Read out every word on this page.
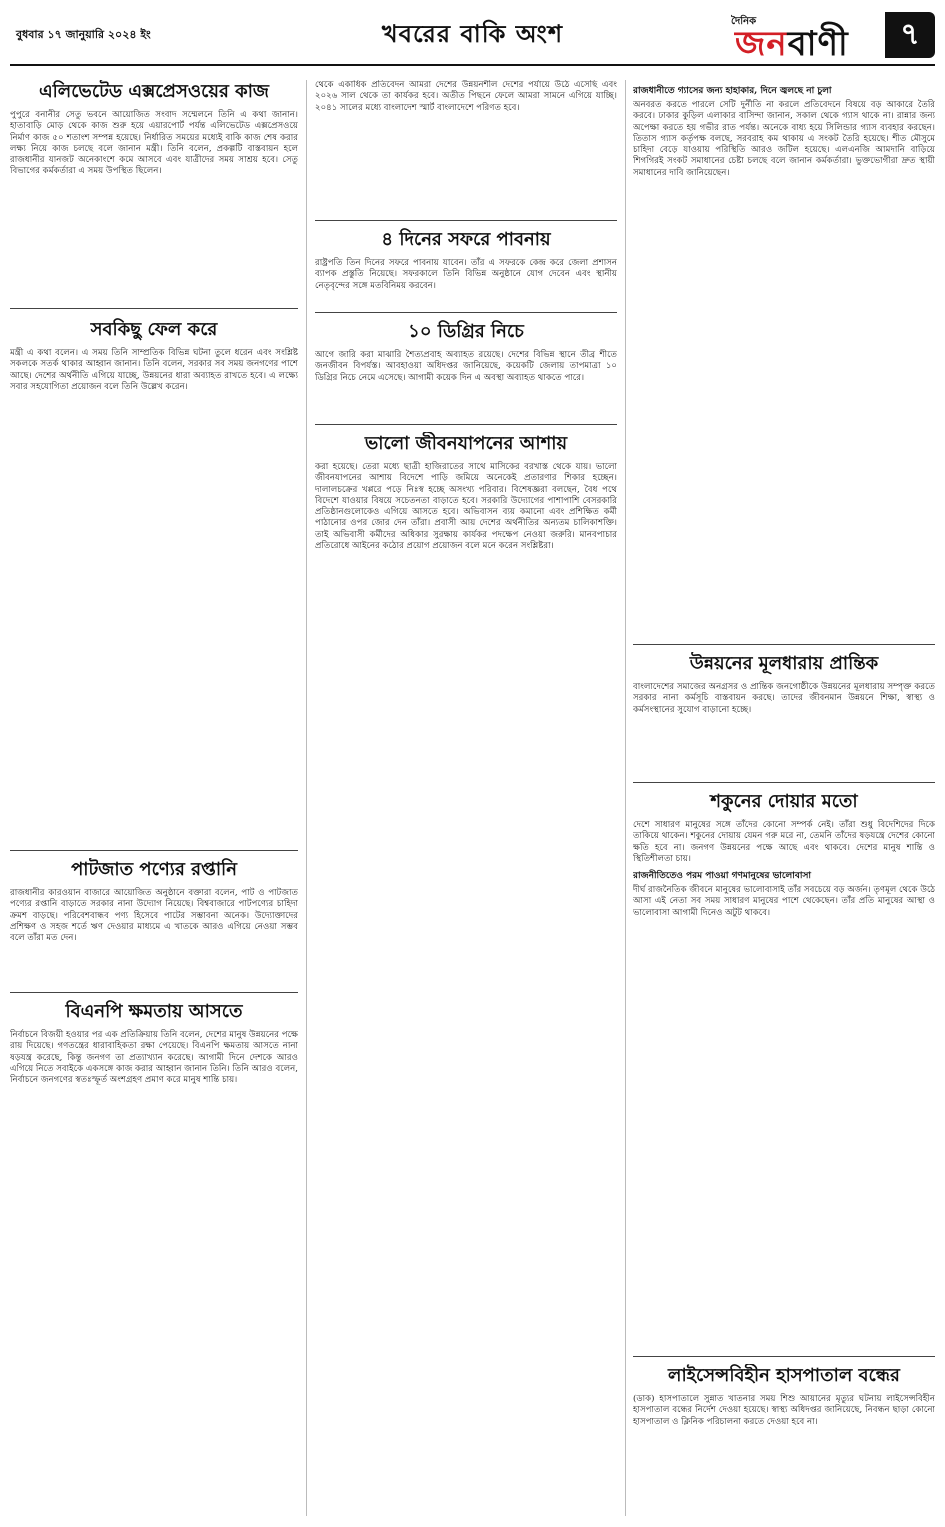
বুধবার ১৭ জানুয়ারি ২০২৪ ইং	খবরের বাকি অংশ	দৈনিক
জনবাণী	৭
এলিভেটেড এক্সপ্রেসওয়ের কাজ

পুপুরে বনানীর সেতু ভবনে আয়োজিত সংবাদ সম্মেলনে তিনি এ কথা জানান। হাতাবাড়ি মোড় থেকে কাজ শুরু হয়ে এয়ারপোর্ট পর্যন্ত এলিভেটেড এক্সপ্রেসওয়ে নির্মাণ কাজ ৫০ শতাংশ সম্পন্ন হয়েছে। নির্ধারিত সময়ের মধ্যেই বাকি কাজ শেষ করার লক্ষ্য নিয়ে কাজ চলছে বলে জানান মন্ত্রী। তিনি বলেন, প্রকল্পটি বাস্তবায়ন হলে রাজধানীর যানজট অনেকাংশে কমে আসবে এবং যাত্রীদের সময় সাশ্রয় হবে। সেতু বিভাগের কর্মকর্তারা এ সময় উপস্থিত ছিলেন।

সবকিছু ফেল করে

মন্ত্রী এ কথা বলেন। এ সময় তিনি সাম্প্রতিক বিভিন্ন ঘটনা তুলে ধরেন এবং সংশ্লিষ্ট সকলকে সতর্ক থাকার আহ্বান জানান। তিনি বলেন, সরকার সব সময় জনগণের পাশে আছে। দেশের অর্থনীতি এগিয়ে যাচ্ছে, উন্নয়নের ধারা অব্যাহত রাখতে হবে। এ লক্ষ্যে সবার সহযোগিতা প্রয়োজন বলে তিনি উল্লেখ করেন।

পাটজাত পণ্যের রপ্তানি

রাজধানীর কারওয়ান বাজারে আয়োজিত অনুষ্ঠানে বক্তারা বলেন, পাট ও পাটজাত পণ্যের রপ্তানি বাড়াতে সরকার নানা উদ্যোগ নিয়েছে। বিশ্ববাজারে পাটপণ্যের চাহিদা ক্রমশ বাড়ছে। পরিবেশবান্ধব পণ্য হিসেবে পাটের সম্ভাবনা অনেক। উদ্যোক্তাদের প্রশিক্ষণ ও সহজ শর্তে ঋণ দেওয়ার মাধ্যমে এ খাতকে আরও এগিয়ে নেওয়া সম্ভব বলে তাঁরা মত দেন।

বিএনপি ক্ষমতায় আসতে

নির্বাচনে বিজয়ী হওয়ার পর এক প্রতিক্রিয়ায় তিনি বলেন, দেশের মানুষ উন্নয়নের পক্ষে রায় দিয়েছে। গণতন্ত্রের ধারাবাহিকতা রক্ষা পেয়েছে। বিএনপি ক্ষমতায় আসতে নানা ষড়যন্ত্র করেছে, কিন্তু জনগণ তা প্রত্যাখ্যান করেছে। আগামী দিনে দেশকে আরও এগিয়ে নিতে সবাইকে একসঙ্গে কাজ করার আহ্বান জানান তিনি। তিনি আরও বলেন, নির্বাচনে জনগণের স্বতঃস্ফূর্ত অংশগ্রহণ প্রমাণ করে মানুষ শান্তি চায়।

থেকে একাধিক প্রতিবেদন আমরা দেশের উন্নয়নশীল দেশের পর্যায়ে উঠে এসেছি এবং ২০২৬ সাল থেকে তা কার্যকর হবে। অতীত পিছনে ফেলে আমরা সামনে এগিয়ে যাচ্ছি। ২০৪১ সালের মধ্যে বাংলাদেশ স্মার্ট বাংলাদেশে পরিণত হবে।

৪ দিনের সফরে পাবনায়

রাষ্ট্রপতি তিন দিনের সফরে পাবনায় যাবেন। তাঁর এ সফরকে কেন্দ্র করে জেলা প্রশাসন ব্যাপক প্রস্তুতি নিয়েছে। সফরকালে তিনি বিভিন্ন অনুষ্ঠানে যোগ দেবেন এবং স্থানীয় নেতৃবৃন্দের সঙ্গে মতবিনিময় করবেন।

১০ ডিগ্রির নিচে

আগে জারি করা মাঝারি শৈত্যপ্রবাহ অব্যাহত রয়েছে। দেশের বিভিন্ন স্থানে তীব্র শীতে জনজীবন বিপর্যস্ত। আবহাওয়া অধিদপ্তর জানিয়েছে, কয়েকটি জেলায় তাপমাত্রা ১০ ডিগ্রির নিচে নেমে এসেছে। আগামী কয়েক দিন এ অবস্থা অব্যাহত থাকতে পারে।

ভালো জীবনযাপনের আশায়

করা হয়েছে। তেরা মধ্যে ছাত্রী হাজিরাতের সাথে মাসিকের বরখাস্ত থেকে যায়। ভালো জীবনযাপনের আশায় বিদেশে পাড়ি জমিয়ে অনেকেই প্রতারণার শিকার হচ্ছেন। দালালচক্রের খপ্পরে পড়ে নিঃস্ব হচ্ছে অসংখ্য পরিবার। বিশেষজ্ঞরা বলছেন, বৈধ পথে বিদেশে যাওয়ার বিষয়ে সচেতনতা বাড়াতে হবে। সরকারি উদ্যোগের পাশাপাশি বেসরকারি প্রতিষ্ঠানগুলোকেও এগিয়ে আসতে হবে। অভিবাসন ব্যয় কমানো এবং প্রশিক্ষিত কর্মী পাঠানোর ওপর জোর দেন তাঁরা। প্রবাসী আয় দেশের অর্থনীতির অন্যতম চালিকাশক্তি। তাই অভিবাসী কর্মীদের অধিকার সুরক্ষায় কার্যকর পদক্ষেপ নেওয়া জরুরি। মানবপাচার প্রতিরোধে আইনের কঠোর প্রয়োগ প্রয়োজন বলে মনে করেন সংশ্লিষ্টরা।

রাজধানীতে গ্যাসের জন্য হাহাকার, দিনে জ্বলছে না চুলা

অনবরত করতে পারলে সেটি দুর্নীতি না করলে প্রতিবেদনে বিষয়ে বড় আকারে তৈরি করবে। ঢাকার কুড়িল এলাকার বাসিন্দা জানান, সকাল থেকে গ্যাস থাকে না। রান্নার জন্য অপেক্ষা করতে হয় গভীর রাত পর্যন্ত। অনেকে বাধ্য হয়ে সিলিন্ডার গ্যাস ব্যবহার করছেন। তিতাস গ্যাস কর্তৃপক্ষ বলছে, সরবরাহ কম থাকায় এ সংকট তৈরি হয়েছে। শীত মৌসুমে চাহিদা বেড়ে যাওয়ায় পরিস্থিতি আরও জটিল হয়েছে। এলএনজি আমদানি বাড়িয়ে শিগগিরই সংকট সমাধানের চেষ্টা চলছে বলে জানান কর্মকর্তারা। ভুক্তভোগীরা দ্রুত স্থায়ী সমাধানের দাবি জানিয়েছেন।

উন্নয়নের মূলধারায় প্রান্তিক

বাংলাদেশের সমাজের অনগ্রসর ও প্রান্তিক জনগোষ্ঠীকে উন্নয়নের মূলধারায় সম্পৃক্ত করতে সরকার নানা কর্মসূচি বাস্তবায়ন করছে। তাদের জীবনমান উন্নয়নে শিক্ষা, স্বাস্থ্য ও কর্মসংস্থানের সুযোগ বাড়ানো হচ্ছে।

শকুনের দোয়ার মতো

দেশে সাধারণ মানুষের সঙ্গে তাঁদের কোনো সম্পর্ক নেই। তাঁরা শুধু বিদেশিদের দিকে তাকিয়ে থাকেন। শকুনের দোয়ায় যেমন গরু মরে না, তেমনি তাঁদের ষড়যন্ত্রে দেশের কোনো ক্ষতি হবে না। জনগণ উন্নয়নের পক্ষে আছে এবং থাকবে। দেশের মানুষ শান্তি ও স্থিতিশীলতা চায়।

রাজনীতিতেও পরম পাওয়া গণমানুষের ভালোবাসা

দীর্ঘ রাজনৈতিক জীবনে মানুষের ভালোবাসাই তাঁর সবচেয়ে বড় অর্জন। তৃণমূল থেকে উঠে আসা এই নেতা সব সময় সাধারণ মানুষের পাশে থেকেছেন। তাঁর প্রতি মানুষের আস্থা ও ভালোবাসা আগামী দিনেও অটুট থাকবে।

লাইসেন্সবিহীন হাসপাতাল বন্ধের

(ডাক) হাসপাতালে সুন্নাত খাতনার সময় শিশু আয়ানের মৃত্যুর ঘটনায় লাইসেন্সবিহীন হাসপাতাল বন্ধের নির্দেশ দেওয়া হয়েছে। স্বাস্থ্য অধিদপ্তর জানিয়েছে, নিবন্ধন ছাড়া কোনো হাসপাতাল ও ক্লিনিক পরিচালনা করতে দেওয়া হবে না।
